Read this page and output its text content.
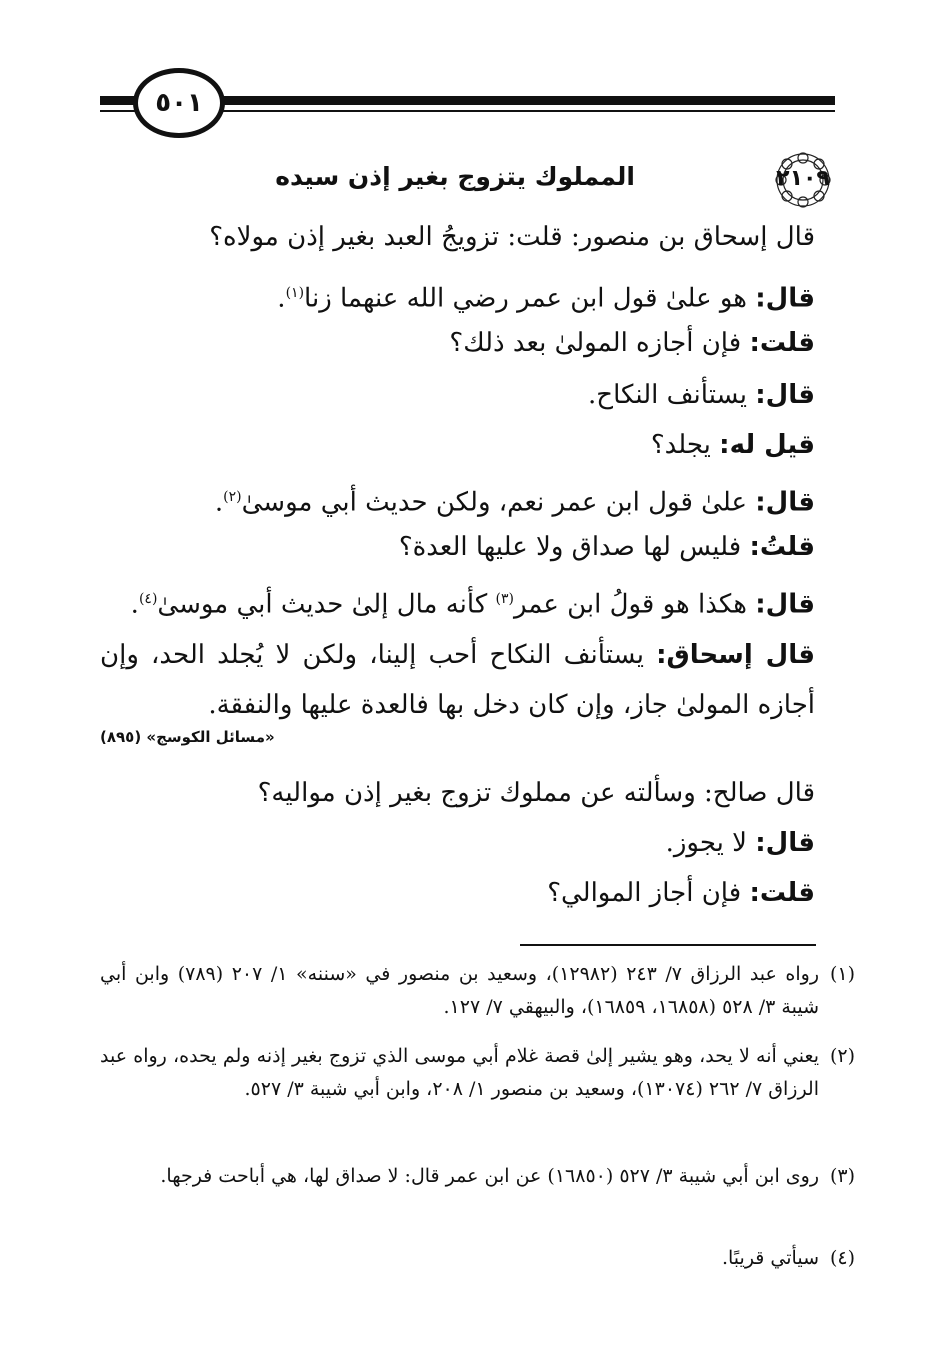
٥٠١
٢١٠٩
المملوك يتزوج بغير إذن سيده
قال إسحاق بن منصور: قلت: تزويجُ العبد بغير إذن مولاه؟
قال: هو علىٰ قول ابن عمر رضي الله عنهما زنا$^{(١)}$.
قلت: فإن أجازه المولىٰ بعد ذلك؟
قال: يستأنف النكاح.
قيل له: يجلد؟
قال: علىٰ قول ابن عمر نعم، ولكن حديث أبي موسىٰ$^{(٢)}$.
قلتُ: فليس لها صداق ولا عليها العدة؟
قال: هكذا هو قولُ ابن عمر$^{(٣)}$ كأنه مال إلىٰ حديث أبي موسىٰ$^{(٤)}$.
قال إسحاق: يستأنف النكاح أحب إلينا، ولكن لا يُجلد الحد، وإن أجازه المولىٰ جاز، وإن كان دخل بها فالعدة عليها والنفقة.
«مسائل الكوسج» (٨٩٥)
قال صالح: وسألته عن مملوك تزوج بغير إذن مواليه؟
قال: لا يجوز.
قلت: فإن أجاز الموالي؟
(١)
رواه عبد الرزاق ٧/ ٢٤٣ (١٢٩٨٢)، وسعيد بن منصور في «سننه» ١/ ٢٠٧ (٧٨٩) وابن أبي شيبة ٣/ ٥٢٨ (١٦٨٥٨، ١٦٨٥٩)، والبيهقي ٧/ ١٢٧.
(٢)
يعني أنه لا يحد، وهو يشير إلىٰ قصة غلام أبي موسى الذي تزوج بغير إذنه ولم يحده، رواه عبد الرزاق ٧/ ٢٦٢ (١٣٠٧٤)، وسعيد بن منصور ١/ ٢٠٨، وابن أبي شيبة ٣/ ٥٢٧.
(٣)
روى ابن أبي شيبة ٣/ ٥٢٧ (١٦٨٥٠) عن ابن عمر قال: لا صداق لها، هي أباحت فرجها.
(٤)
سيأتي قريبًا.
